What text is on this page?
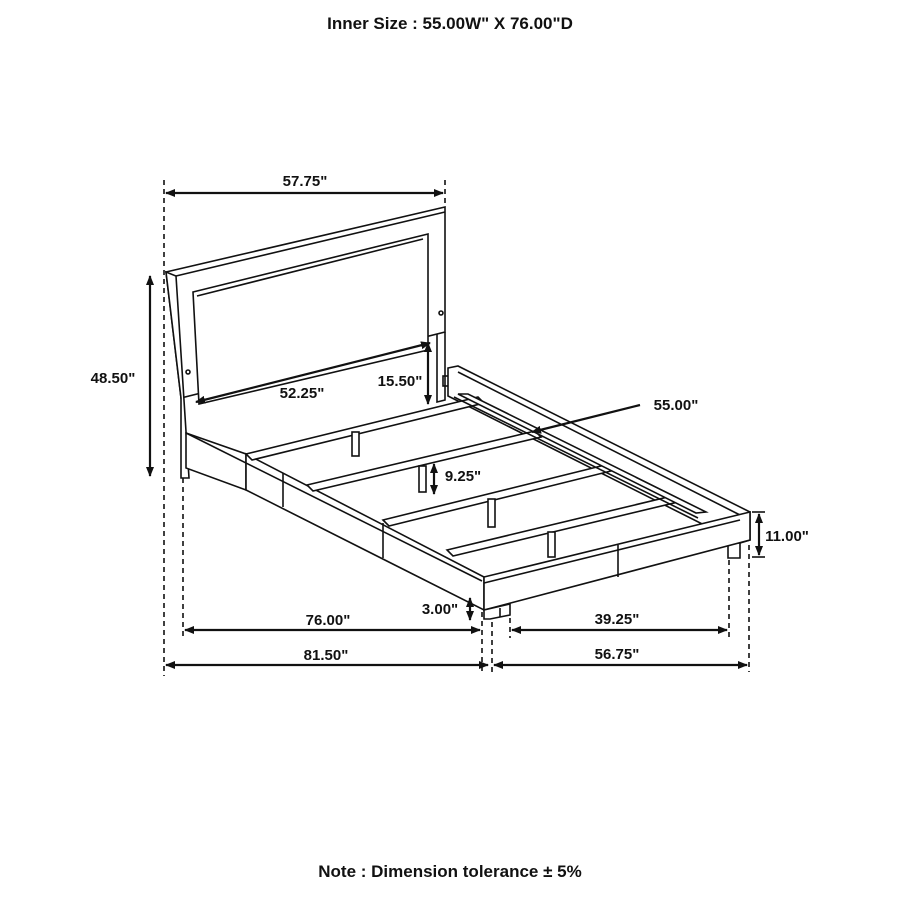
Inner Size : 55.00W" X 76.00"D
57.75"
48.50"
52.25"
15.50"
55.00"
9.25"
11.00"
3.00"
76.00"	39.25"
81.50"	56.75"
Note : Dimension tolerance ± 5%
